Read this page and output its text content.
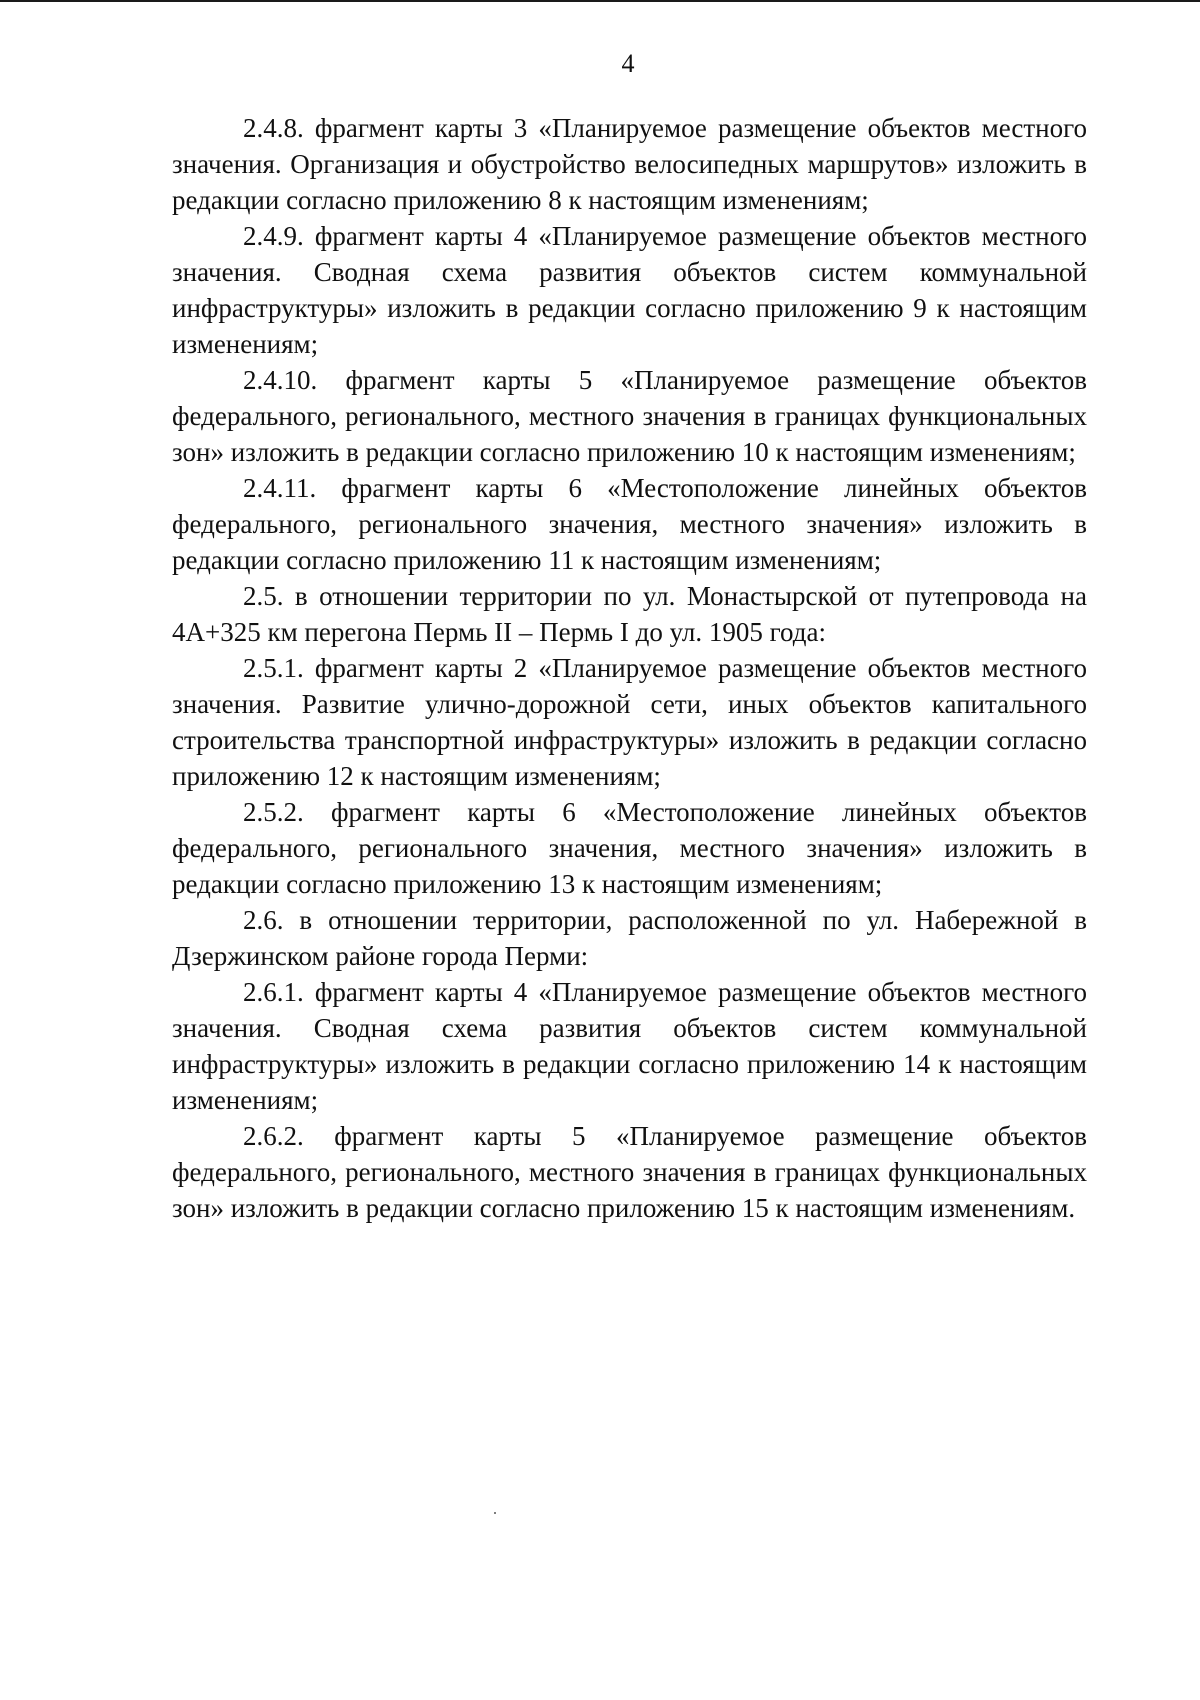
4

2.4.8. фрагмент карты 3 «Планируемое размещение объектов местного значения. Организация и обустройство велосипедных маршрутов» изложить в редакции согласно приложению 8 к настоящим изменениям;

2.4.9. фрагмент карты 4 «Планируемое размещение объектов местного значения. Сводная схема развития объектов систем коммунальной инфраструктуры» изложить в редакции согласно приложению 9 к настоящим изменениям;

2.4.10. фрагмент карты 5 «Планируемое размещение объектов федерального, регионального, местного значения в границах функциональных зон» изложить в редакции согласно приложению 10 к настоящим изменениям;

2.4.11. фрагмент карты 6 «Местоположение линейных объектов федерального, регионального значения, местного значения» изложить в редакции согласно приложению 11 к настоящим изменениям;

2.5. в отношении территории по ул. Монастырской от путепровода на 4А+325 км перегона Пермь II – Пермь I до ул. 1905 года:

2.5.1. фрагмент карты 2 «Планируемое размещение объектов местного значения. Развитие улично-дорожной сети, иных объектов капитального строительства транспортной инфраструктуры» изложить в редакции согласно приложению 12 к настоящим изменениям;

2.5.2. фрагмент карты 6 «Местоположение линейных объектов федерального, регионального значения, местного значения» изложить в редакции согласно приложению 13 к настоящим изменениям;

2.6. в отношении территории, расположенной по ул. Набережной в Дзержинском районе города Перми:

2.6.1. фрагмент карты 4 «Планируемое размещение объектов местного значения. Сводная схема развития объектов систем коммунальной инфраструктуры» изложить в редакции согласно приложению 14 к настоящим изменениям;

2.6.2. фрагмент карты 5 «Планируемое размещение объектов федерального, регионального, местного значения в границах функциональных зон» изложить в редакции согласно приложению 15 к настоящим изменениям.
